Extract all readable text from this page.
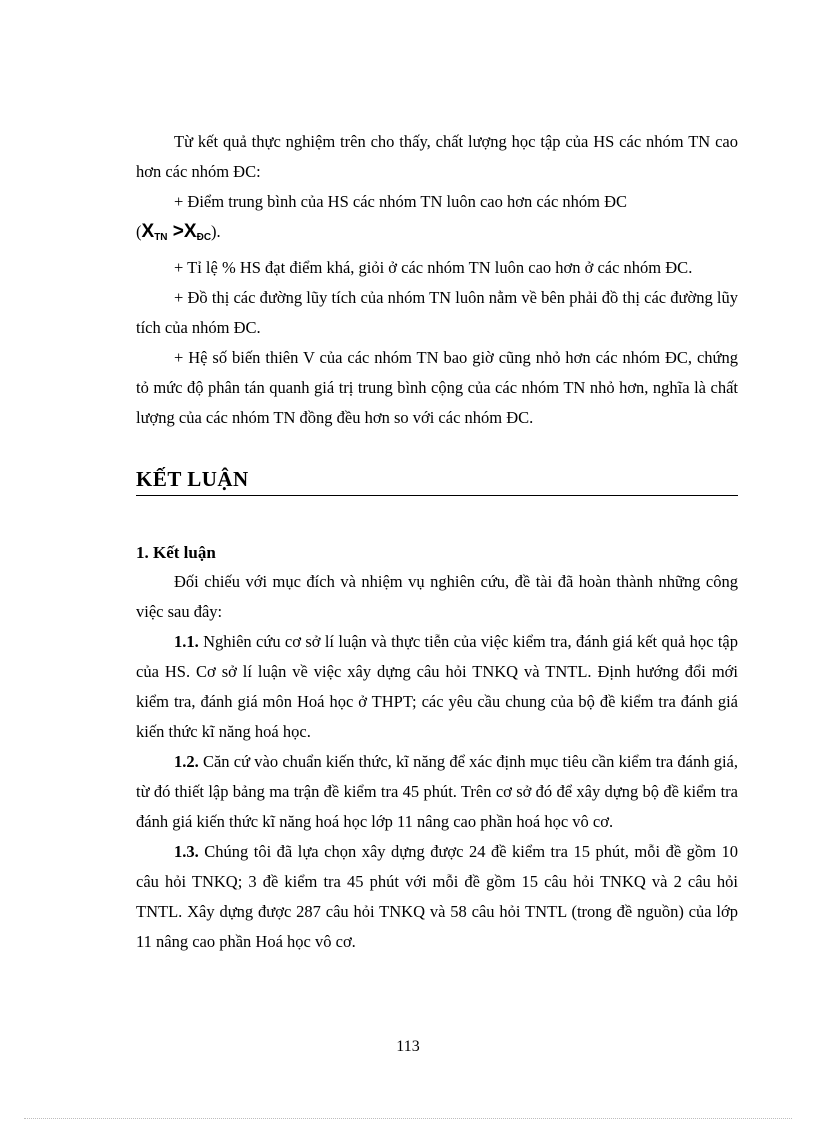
Từ kết quả thực nghiệm trên cho thấy, chất lượng học tập của HS các nhóm TN cao hơn các nhóm ĐC:

+ Điểm trung bình của HS các nhóm TN luôn cao hơn các nhóm ĐC

$(X_{TN} >X_{ĐC})$.

+ Tỉ lệ % HS đạt điểm khá, giỏi ở các nhóm TN luôn cao hơn ở các nhóm ĐC.

+ Đồ thị các đường lũy tích của nhóm TN luôn nằm về bên phải đồ thị các đường lũy tích của nhóm ĐC.

+ Hệ số biến thiên V của các nhóm TN bao giờ cũng nhỏ hơn các nhóm ĐC, chứng tỏ mức độ phân tán quanh giá trị trung bình cộng của các nhóm TN nhỏ hơn, nghĩa là chất lượng của các nhóm TN đồng đều hơn so với các nhóm ĐC.

KẾT LUẬN
1. Kết luận

Đối chiếu với mục đích và nhiệm vụ nghiên cứu, đề tài đã hoàn thành những công việc sau đây:

1.1. Nghiên cứu cơ sở lí luận và thực tiễn của việc kiểm tra, đánh giá kết quả học tập của HS. Cơ sở lí luận về việc xây dựng câu hỏi TNKQ và TNTL. Định hướng đổi mới kiểm tra, đánh giá môn Hoá học ở THPT; các yêu cầu chung của bộ đề kiểm tra đánh giá kiến thức kĩ năng hoá học.

1.2. Căn cứ vào chuẩn kiến thức, kĩ năng để xác định mục tiêu cần kiểm tra đánh giá, từ đó thiết lập bảng ma trận đề kiểm tra 45 phút. Trên cơ sở đó để xây dựng bộ đề kiểm tra đánh giá kiến thức kĩ năng hoá học lớp 11 nâng cao phần hoá học vô cơ.

1.3. Chúng tôi đã lựa chọn xây dựng được 24 đề kiểm tra 15 phút, mỗi đề gồm 10 câu hỏi TNKQ; 3 đề kiểm tra 45 phút với mỗi đề gồm 15 câu hỏi TNKQ và 2 câu hỏi TNTL. Xây dựng được 287 câu hỏi TNKQ và 58 câu hỏi TNTL (trong đề nguồn) của lớp 11 nâng cao phần Hoá học vô cơ.

113
